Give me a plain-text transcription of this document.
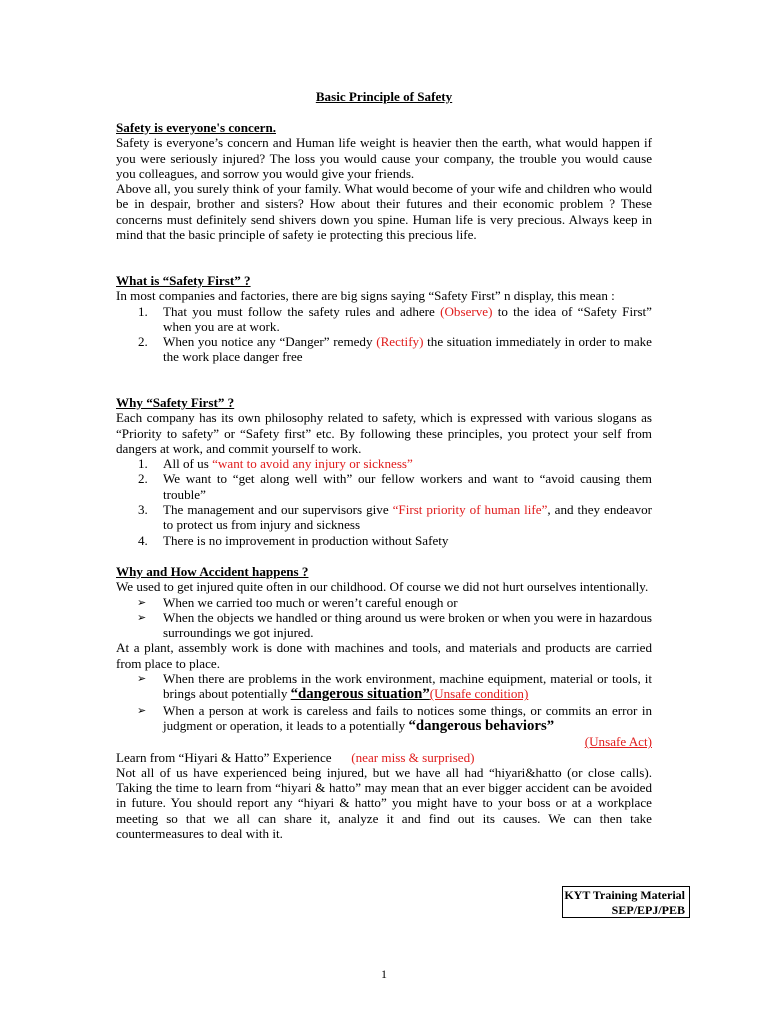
Basic Principle of Safety
Safety is everyone's concern.
Safety is everyone’s concern and Human life weight is heavier then the earth, what would happen if you were seriously injured? The loss you would cause your company, the trouble you would cause you colleagues, and sorrow you would give your friends.
Above all, you surely think of your family. What would become of your wife and children who would be in despair, brother and sisters? How about their futures and their economic problem ? These concerns must definitely send shivers down you spine. Human life is very precious. Always keep in mind that the basic principle of safety ie protecting this precious life.
What is “Safety First” ?
In most companies and factories, there are big signs saying “Safety First” n display, this mean :
1. That you must follow the safety rules and adhere (Observe) to the idea of “Safety First” when you are at work.
2. When you notice any “Danger” remedy (Rectify) the situation immediately in order to make the work place danger free
Why “Safety First” ?
Each company has its own philosophy related to safety, which is expressed with various slogans as “Priority to safety” or “Safety first” etc. By following these principles, you protect your self from dangers at work, and commit yourself to work.
1. All of us “want to avoid any injury or sickness”
2. We want to “get along well with” our fellow workers and want to “avoid causing them trouble”
3. The management and our supervisors give “First priority of human life”, and they endeavor to protect us from injury and sickness
4. There is no improvement in production without Safety
Why and How Accident happens ?
We used to get injured quite often in our childhood. Of course we did not hurt ourselves intentionally.
➢ When we carried too much or weren’t careful enough or
➢ When the objects we handled or thing around us were broken or when you were in hazardous surroundings we got injured.
At a plant, assembly work is done with machines and tools, and materials and products are carried from place to place.
➢ When there are problems in the work environment, machine equipment, material or tools, it brings about potentially “dangerous situation”(Unsafe condition)
➢ When a person at work is careless and fails to notices some things, or commits an error in judgment or operation, it leads to a potentially “dangerous behaviors”
(Unsafe Act)
Learn from “Hiyari & Hatto” Experience (near miss & surprised)
Not all of us have experienced being injured, but we have all had “hiyari&hatto (or close calls). Taking the time to learn from “hiyari & hatto” may mean that an ever bigger accident can be avoided in future. You should report any “hiyari & hatto” you might have to your boss or at a workplace meeting so that we all can share it, analyze it and find out its causes. We can then take countermeasures to deal with it.
KYT Training Material
SEP/EPJ/PEB
1
